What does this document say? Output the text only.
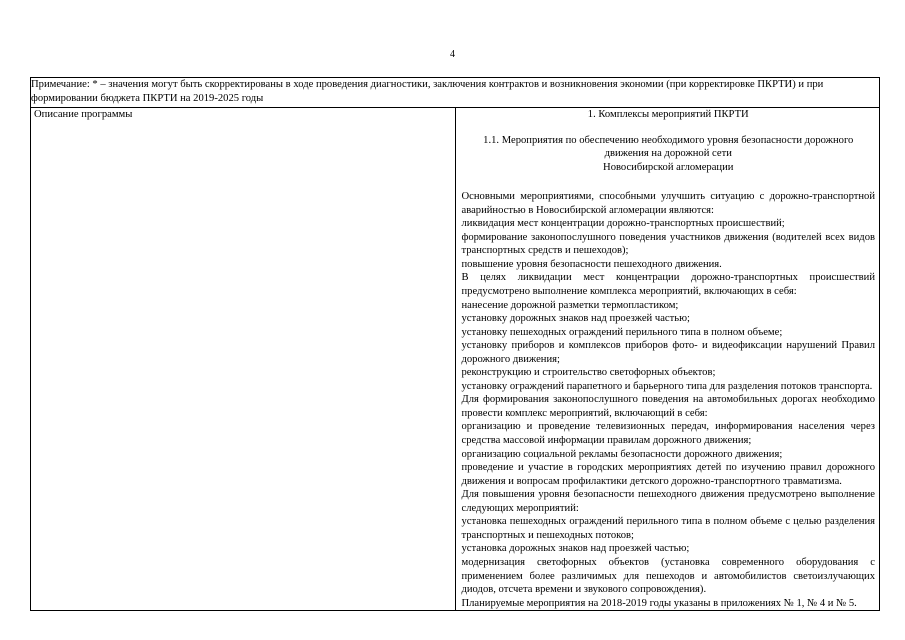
4
Примечание: * – значения могут быть скорректированы в ходе проведения диагностики, заключения контрактов и возникновения экономии (при корректировке ПКРТИ) и при формировании бюджета ПКРТИ на 2019-2025 годы
Описание программы	1. Комплексы мероприятий ПКРТИ
1.1. Мероприятия по обеспечению необходимого уровня безопасности дорожного движения на дорожной сети
Новосибирской агломерации

Основными мероприятиями, способными улучшить ситуацию с дорожно-транспортной аварийностью в Новосибирской агломерации являются:

ликвидация мест концентрации дорожно-транспортных происшествий;

формирование законопослушного поведения участников движения (водителей всех видов транспортных средств и пешеходов);

повышение уровня безопасности пешеходного движения.

В целях ликвидации мест концентрации дорожно-транспортных происшествий предусмотрено выполнение комплекса мероприятий, включающих в себя:

нанесение дорожной разметки термопластиком;

установку дорожных знаков над проезжей частью;

установку пешеходных ограждений перильного типа в полном объеме;

установку приборов и комплексов приборов фото- и видеофиксации нарушений Правил дорожного движения;

реконструкцию и строительство светофорных объектов;

установку ограждений парапетного и барьерного типа для разделения потоков транспорта.

Для формирования законопослушного поведения на автомобильных дорогах необходимо провести комплекс мероприятий, включающий в себя:

организацию и проведение телевизионных передач, информирования населения через средства массовой информации правилам дорожного движения;

организацию социальной рекламы безопасности дорожного движения;

проведение и участие в городских мероприятиях детей по изучению правил дорожного движения и вопросам профилактики детского дорожно-транспортного травматизма.

Для повышения уровня безопасности пешеходного движения предусмотрено выполнение следующих мероприятий:

установка пешеходных ограждений перильного типа в полном объеме с целью разделения транспортных и пешеходных потоков;

установка дорожных знаков над проезжей частью;

модернизация светофорных объектов (установка современного оборудования с применением более различимых для пешеходов и автомобилистов светоизлучающих диодов, отсчета времени и звукового сопровождения).

Планируемые мероприятия на 2018-2019 годы указаны в приложениях № 1, № 4 и № 5.
